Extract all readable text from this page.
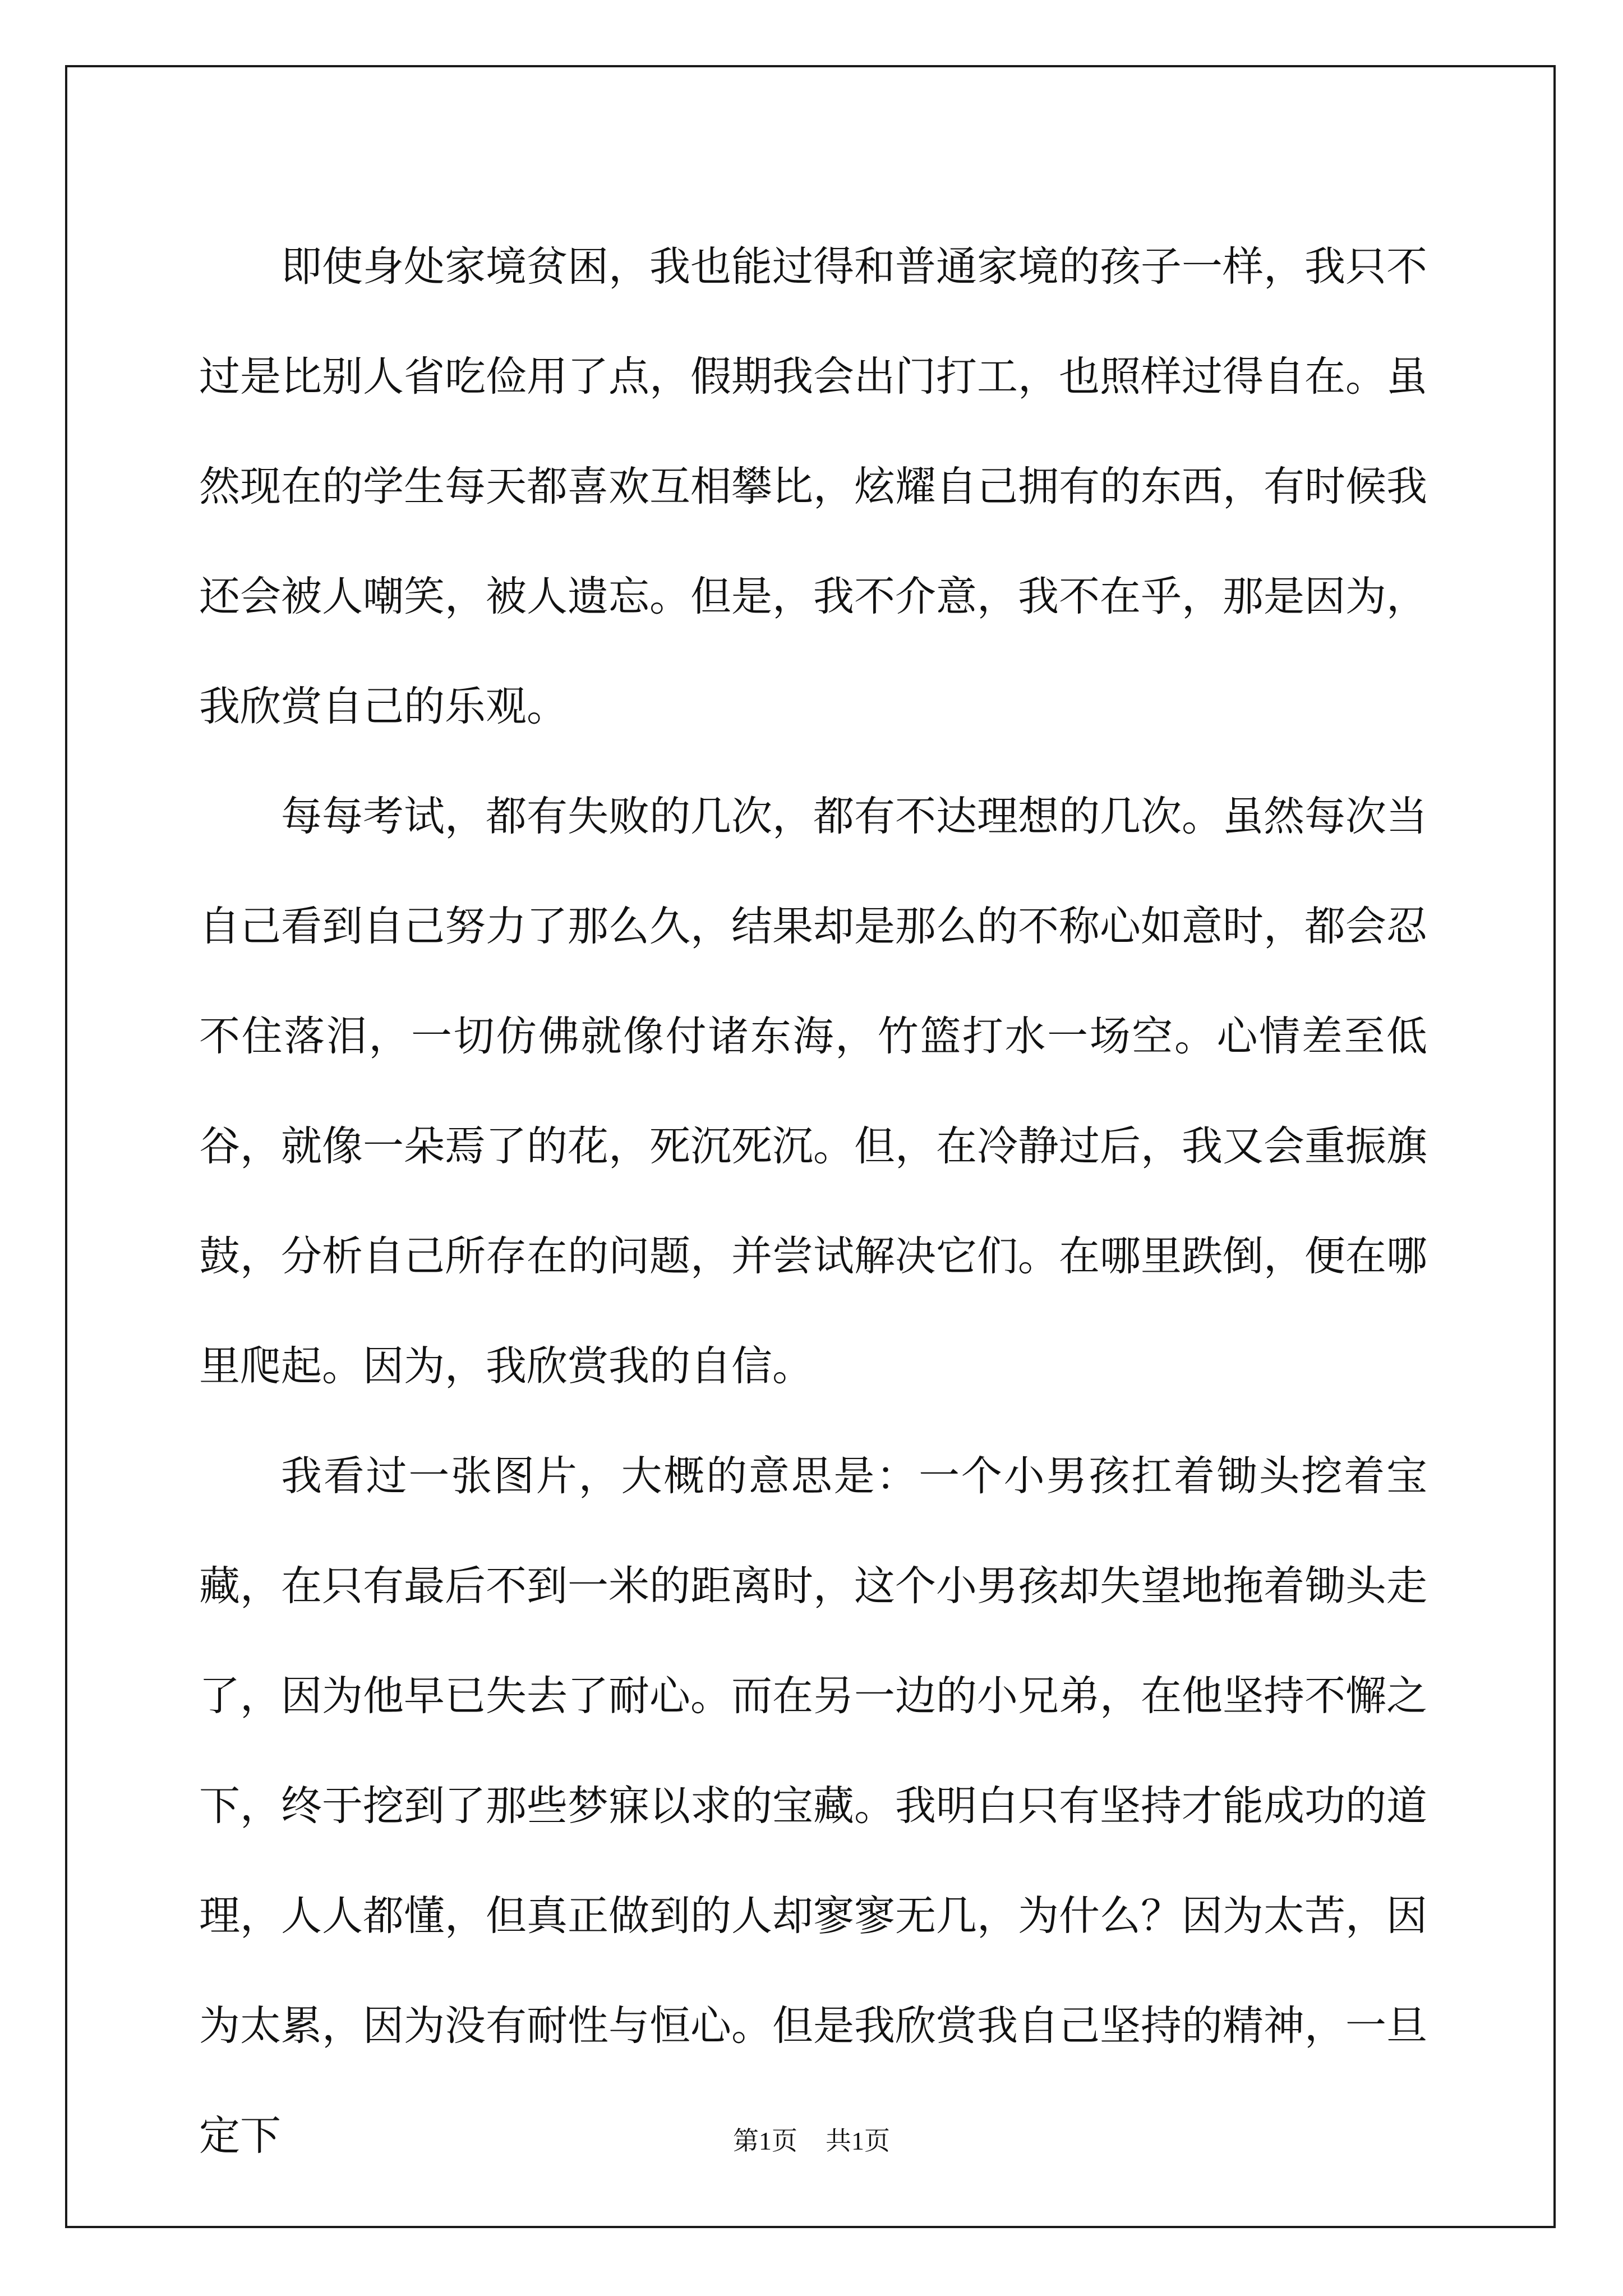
即使身处家境贫困，我也能过得和普通家境的孩子一样，我只不过是比别人省吃俭用了点，假期我会出门打工，也照样过得自在。虽然现在的学生每天都喜欢互相攀比，炫耀自己拥有的东西，有时候我还会被人嘲笑，被人遗忘。但是，我不介意，我不在乎，那是因为，我欣赏自己的乐观。

每每考试，都有失败的几次，都有不达理想的几次。虽然每次当自己看到自己努力了那么久，结果却是那么的不称心如意时，都会忍不住落泪，一切仿佛就像付诸东海，竹篮打水一场空。心情差至低谷，就像一朵焉了的花，死沉死沉。但，在冷静过后，我又会重振旗鼓，分析自己所存在的问题，并尝试解决它们。在哪里跌倒，便在哪里爬起。因为，我欣赏我的自信。

我看过一张图片，大概的意思是：一个小男孩扛着锄头挖着宝藏，在只有最后不到一米的距离时，这个小男孩却失望地拖着锄头走了，因为他早已失去了耐心。而在另一边的小兄弟，在他坚持不懈之下，终于挖到了那些梦寐以求的宝藏。我明白只有坚持才能成功的道理，人人都懂，但真正做到的人却寥寥无几，为什么？因为太苦，因为太累，因为没有耐性与恒心。但是我欣赏我自己坚持的精神，一旦定下	第1页 共1页
